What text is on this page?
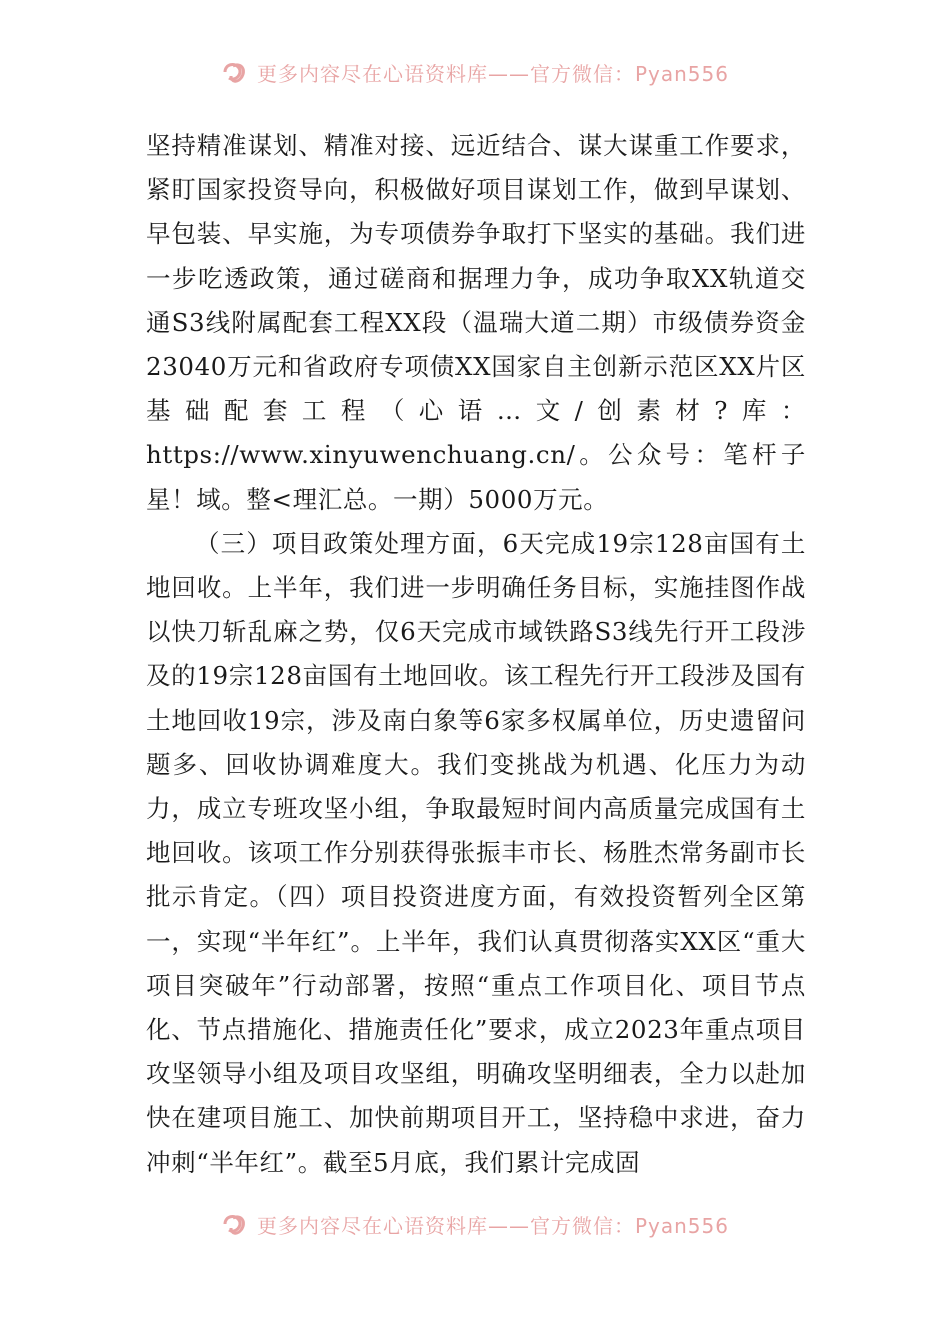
更多内容尽在心语资料库——官方微信：Pyan556

坚持精准谋划、精准对接、远近结合、谋大谋重工作要求，紧盯国家投资导向，积极做好项目谋划工作，做到早谋划、早包装、早实施，为专项债券争取打下坚实的基础。我们进一步吃透政策，通过磋商和据理力争，成功争取XX轨道交通S3线附属配套工程XX段（温瑞大道二期）市级债券资金23040万元和省政府专项债XX国家自主创新示范区XX片区基础配套工程（心语…文/创素材?库：https://www.xinyuwenchuang.cn/。公众号：笔杆子星！域。整<理汇总。一期）5000万元。

（三）项目政策处理方面，6天完成19宗128亩国有土地回收。上半年，我们进一步明确任务目标，实施挂图作战以快刀斩乱麻之势，仅6天完成市域铁路S3线先行开工段涉及的19宗128亩国有土地回收。该工程先行开工段涉及国有土地回收19宗，涉及南白象等6家多权属单位，历史遗留问题多、回收协调难度大。我们变挑战为机遇、化压力为动力，成立专班攻坚小组，争取最短时间内高质量完成国有土地回收。该项工作分别获得张振丰市长、杨胜杰常务副市长批示肯定。（四）项目投资进度方面，有效投资暂列全区第一，实现“半年红”。上半年，我们认真贯彻落实XX区“重大项目突破年”行动部署，按照“重点工作项目化、项目节点化、节点措施化、措施责任化”要求，成立2023年重点项目攻坚领导小组及项目攻坚组，明确攻坚明细表，全力以赴加快在建项目施工、加快前期项目开工，坚持稳中求进，奋力冲刺“半年红”。截至5月底，我们累计完成固

更多内容尽在心语资料库——官方微信：Pyan556
